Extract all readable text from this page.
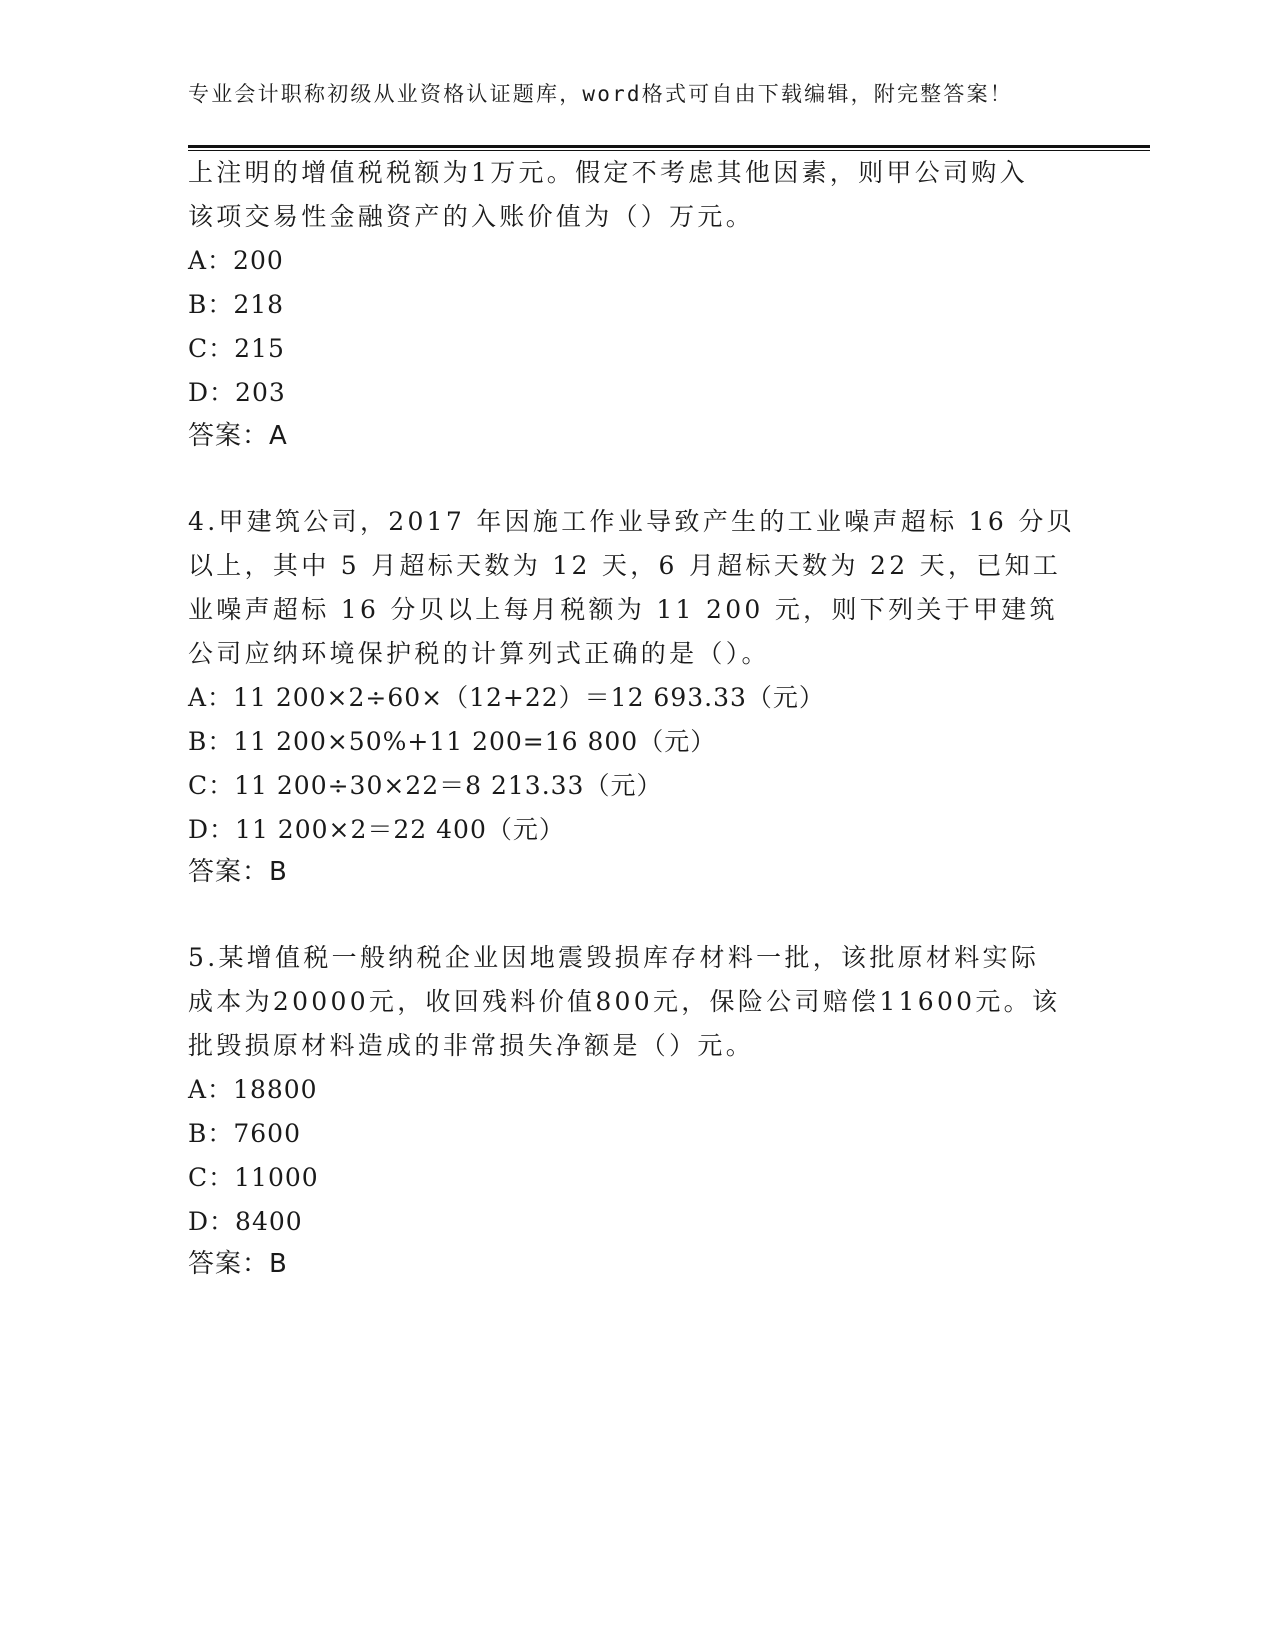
专业会计职称初级从业资格认证题库，word格式可自由下载编辑，附完整答案！
上注明的增值税税额为1万元。假定不考虑其他因素，则甲公司购入
该项交易性金融资产的入账价值为（）万元。
A：200
B：218
C：215
D：203
答案：A
4.甲建筑公司，2017 年因施工作业导致产生的工业噪声超标 16 分贝
以上，其中 5 月超标天数为 12 天，6 月超标天数为 22 天，已知工
业噪声超标 16 分贝以上每月税额为 11 200 元，则下列关于甲建筑
公司应纳环境保护税的计算列式正确的是（）。
A：11 200×2÷60×（12+22）＝12 693.33（元）
B：11 200×50%+11 200=16 800（元）
C：11 200÷30×22＝8 213.33（元）
D：11 200×2＝22 400（元）
答案：B
5.某增值税一般纳税企业因地震毁损库存材料一批，该批原材料实际
成本为20000元，收回残料价值800元，保险公司赔偿11600元。该
批毁损原材料造成的非常损失净额是（）元。
A：18800
B：7600
C：11000
D：8400
答案：B
